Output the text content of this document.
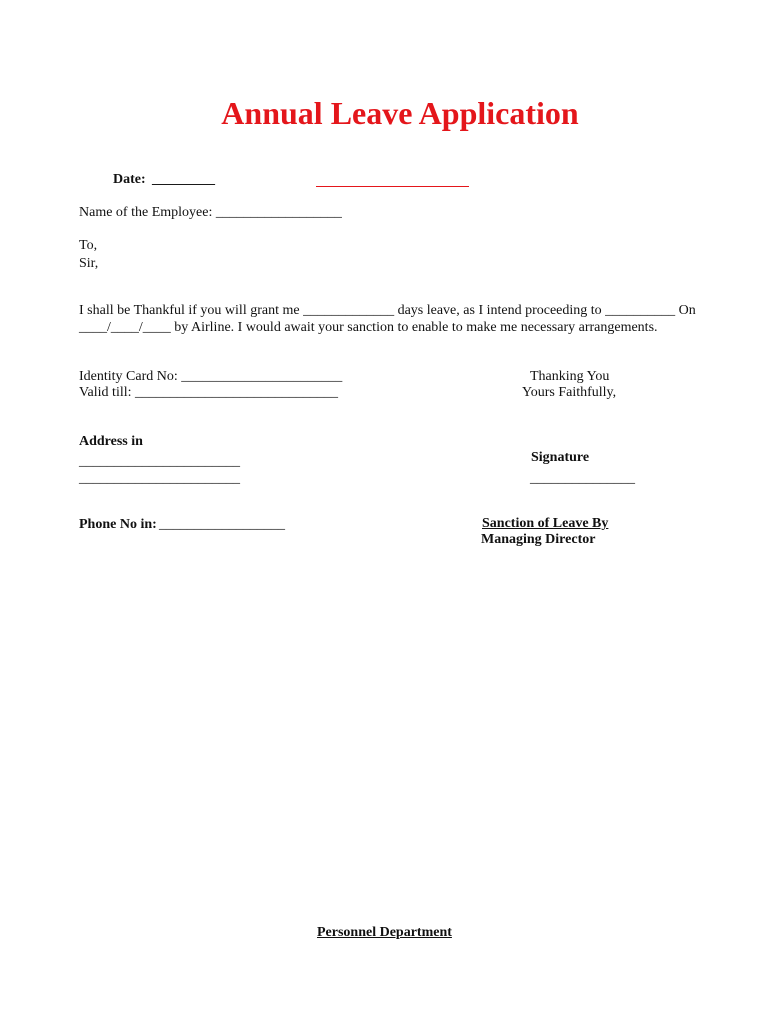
Annual Leave Application
Date: _________
Name of the Employee: __________________
To,
Sir,
I shall be Thankful if you will grant me _____________ days leave, as I intend proceeding to __________ On
____/____/____ by Airline. I would await your sanction to enable to make me necessary arrangements.
Identity Card No: _______________________
Valid till: _____________________________
Thanking You
Yours Faithfully,
Address in
_______________________
_______________________
Signature
_______________
Phone No in: __________________	Sanction of Leave By
Managing Director
Personnel Department
